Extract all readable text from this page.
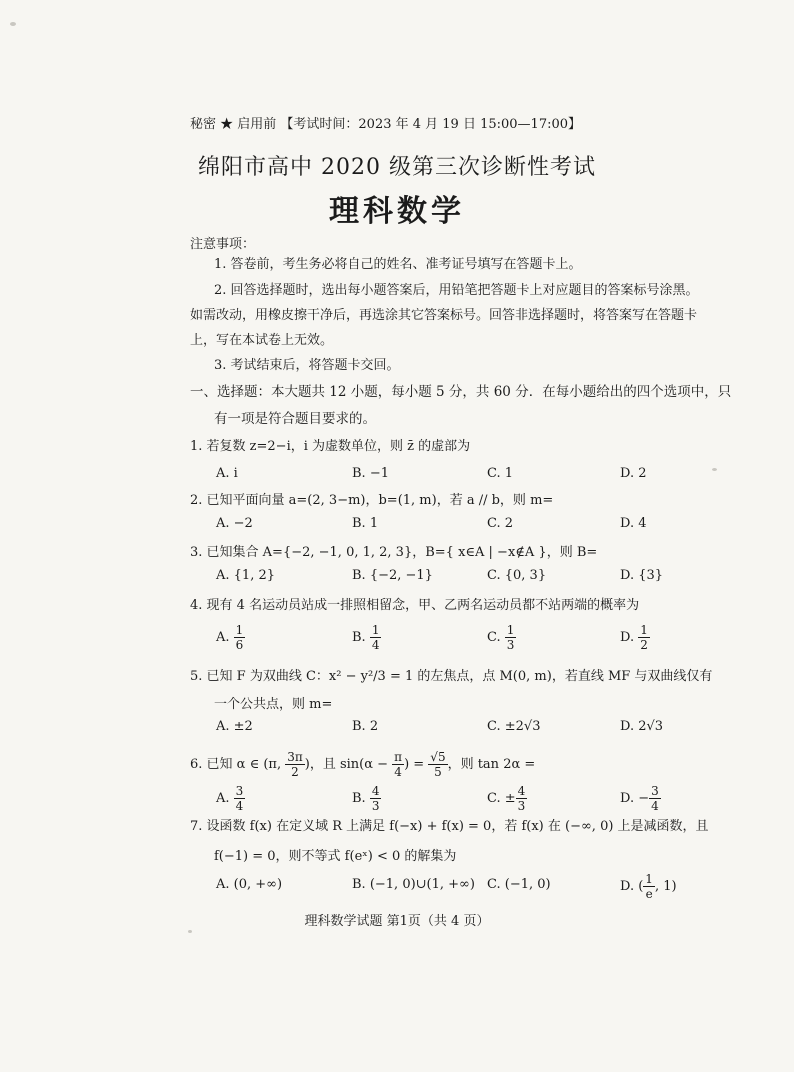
秘密 ★ 启用前 【考试时间：2023 年 4 月 19 日 15:00—17:00】
绵阳市高中 2020 级第三次诊断性考试
理科数学
注意事项：
1. 答卷前，考生务必将自己的姓名、准考证号填写在答题卡上。
2. 回答选择题时，选出每小题答案后，用铅笔把答题卡上对应题目的答案标号涂黑。
如需改动，用橡皮擦干净后，再选涂其它答案标号。回答非选择题时，将答案写在答题卡
上，写在本试卷上无效。
3. 考试结束后，将答题卡交回。
一、选择题：本大题共 12 小题，每小题 5 分，共 60 分．在每小题给出的四个选项中，只
有一项是符合题目要求的。
1. 若复数 z=2−i，i 为虚数单位，则 z̄ 的虚部为
A. i	B. −1	C. 1	D. 2
2. 已知平面向量 a=(2, 3−m)，b=(1, m)，若 a // b，则 m=
A. −2	B. 1	C. 2	D. 4
3. 已知集合 A={−2, −1, 0, 1, 2, 3}，B={ x∈A | −x∉A }，则 B=
A. {1, 2}	B. {−2, −1}	C. {0, 3}	D. {3}
4. 现有 4 名运动员站成一排照相留念，甲、乙两名运动员都不站两端的概率为
A. $\frac{1}{6}$	B. $\frac{1}{4}$	C. $\frac{1}{3}$	D. $\frac{1}{2}$
5. 已知 F 为双曲线 C：x² − y²/3 = 1 的左焦点，点 M(0, m)，若直线 MF 与双曲线仅有
一个公共点，则 m=
A. ±2	B. 2	C. ±2√3	D. 2√3
6. 已知 α ∈ (π, $\frac{3\pi}{2}$ )，且 $\sin(\alpha - \frac{\pi}{4}$ ) = $\frac{√5}{5}$ ，则 tan 2α =
A. $\frac{3}{4}$	B. $\frac{4}{3}$	C. ± $\frac{4}{3}$	D. − $\frac{3}{4}$
7. 设函数 f(x) 在定义域 R 上满足 f(−x) + f(x) = 0，若 f(x) 在 (−∞, 0) 上是减函数，且
f(−1) = 0，则不等式 f(eˣ) < 0 的解集为
A. (0, +∞)	B. (−1, 0)∪(1, +∞) C. (−1, 0)	D. ( $\frac{1}{e}$ , 1)
理科数学试题 第1页（共 4 页）
